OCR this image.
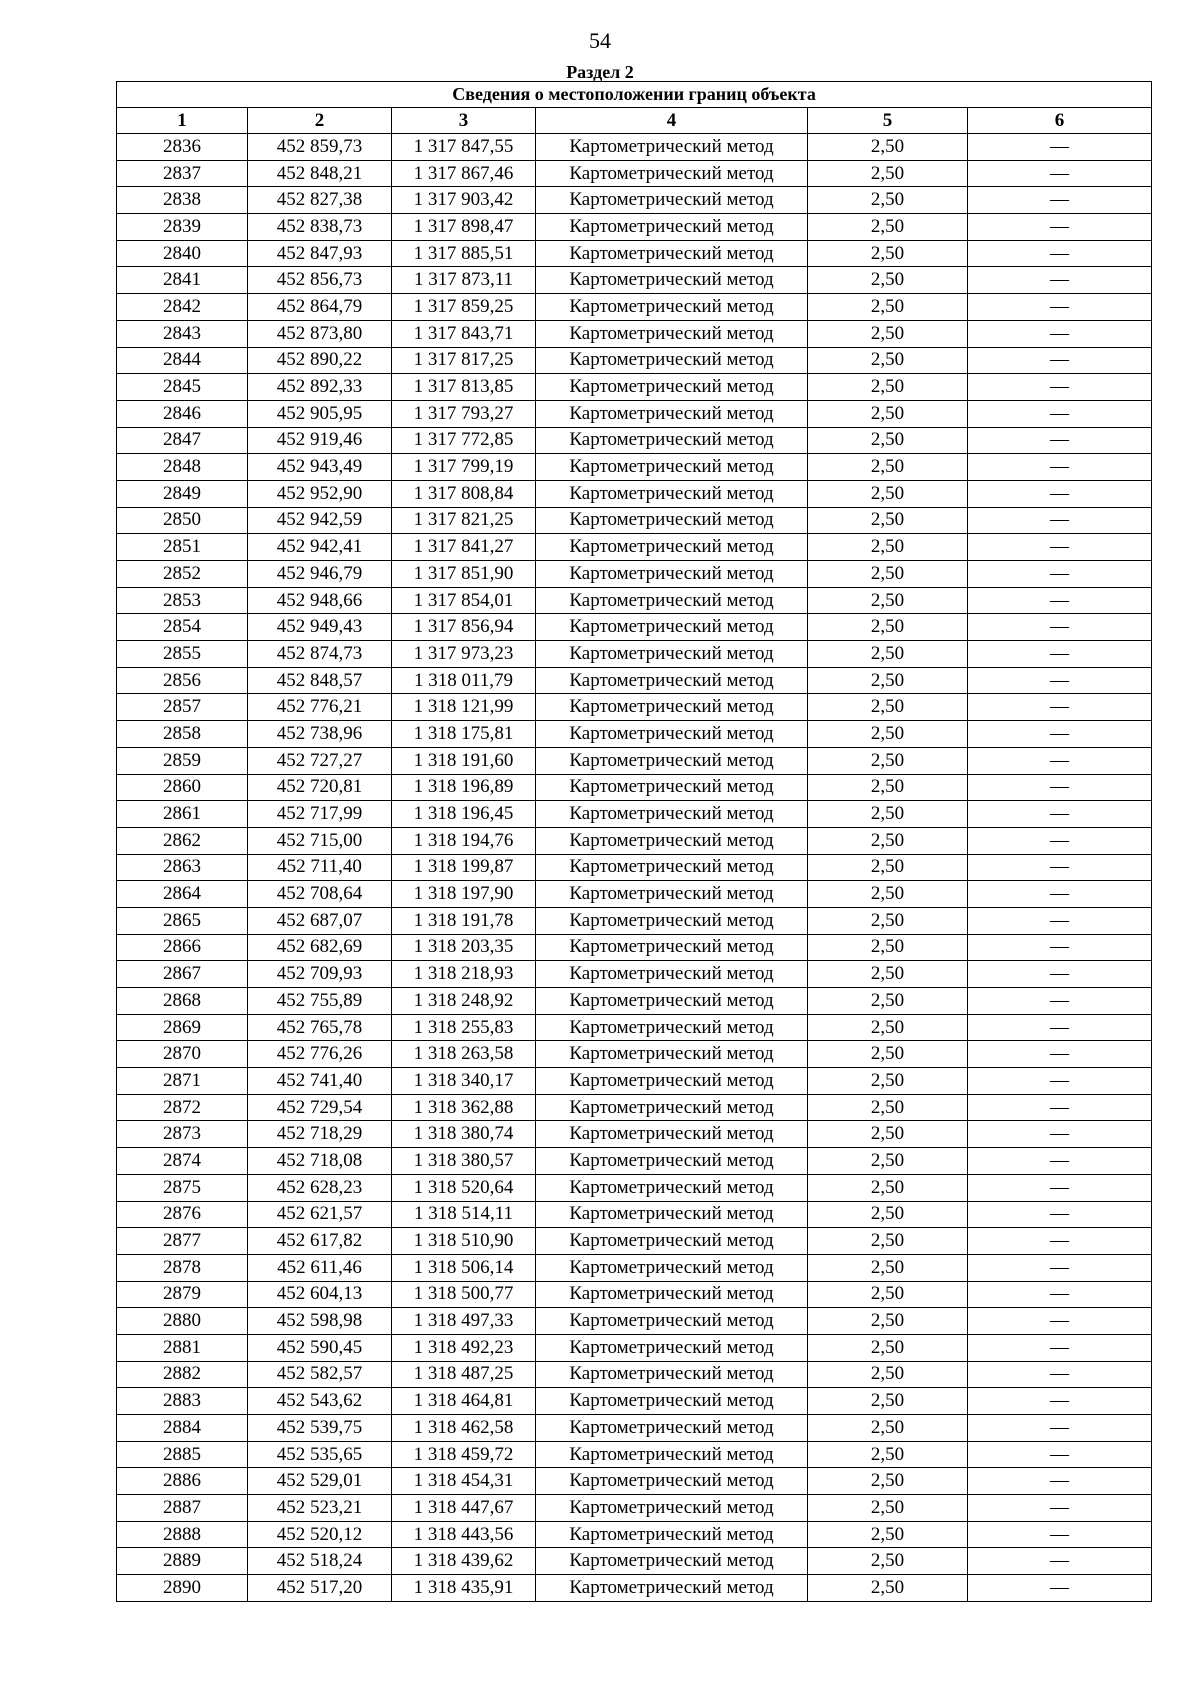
54
Раздел 2
Сведения о местоположении границ объекта					
1	2	3	4	5	6
2836	452 859,73	1 317 847,55	Картометрический метод	2,50	—
2837	452 848,21	1 317 867,46	Картометрический метод	2,50	—
2838	452 827,38	1 317 903,42	Картометрический метод	2,50	—
2839	452 838,73	1 317 898,47	Картометрический метод	2,50	—
2840	452 847,93	1 317 885,51	Картометрический метод	2,50	—
2841	452 856,73	1 317 873,11	Картометрический метод	2,50	—
2842	452 864,79	1 317 859,25	Картометрический метод	2,50	—
2843	452 873,80	1 317 843,71	Картометрический метод	2,50	—
2844	452 890,22	1 317 817,25	Картометрический метод	2,50	—
2845	452 892,33	1 317 813,85	Картометрический метод	2,50	—
2846	452 905,95	1 317 793,27	Картометрический метод	2,50	—
2847	452 919,46	1 317 772,85	Картометрический метод	2,50	—
2848	452 943,49	1 317 799,19	Картометрический метод	2,50	—
2849	452 952,90	1 317 808,84	Картометрический метод	2,50	—
2850	452 942,59	1 317 821,25	Картометрический метод	2,50	—
2851	452 942,41	1 317 841,27	Картометрический метод	2,50	—
2852	452 946,79	1 317 851,90	Картометрический метод	2,50	—
2853	452 948,66	1 317 854,01	Картометрический метод	2,50	—
2854	452 949,43	1 317 856,94	Картометрический метод	2,50	—
2855	452 874,73	1 317 973,23	Картометрический метод	2,50	—
2856	452 848,57	1 318 011,79	Картометрический метод	2,50	—
2857	452 776,21	1 318 121,99	Картометрический метод	2,50	—
2858	452 738,96	1 318 175,81	Картометрический метод	2,50	—
2859	452 727,27	1 318 191,60	Картометрический метод	2,50	—
2860	452 720,81	1 318 196,89	Картометрический метод	2,50	—
2861	452 717,99	1 318 196,45	Картометрический метод	2,50	—
2862	452 715,00	1 318 194,76	Картометрический метод	2,50	—
2863	452 711,40	1 318 199,87	Картометрический метод	2,50	—
2864	452 708,64	1 318 197,90	Картометрический метод	2,50	—
2865	452 687,07	1 318 191,78	Картометрический метод	2,50	—
2866	452 682,69	1 318 203,35	Картометрический метод	2,50	—
2867	452 709,93	1 318 218,93	Картометрический метод	2,50	—
2868	452 755,89	1 318 248,92	Картометрический метод	2,50	—
2869	452 765,78	1 318 255,83	Картометрический метод	2,50	—
2870	452 776,26	1 318 263,58	Картометрический метод	2,50	—
2871	452 741,40	1 318 340,17	Картометрический метод	2,50	—
2872	452 729,54	1 318 362,88	Картометрический метод	2,50	—
2873	452 718,29	1 318 380,74	Картометрический метод	2,50	—
2874	452 718,08	1 318 380,57	Картометрический метод	2,50	—
2875	452 628,23	1 318 520,64	Картометрический метод	2,50	—
2876	452 621,57	1 318 514,11	Картометрический метод	2,50	—
2877	452 617,82	1 318 510,90	Картометрический метод	2,50	—
2878	452 611,46	1 318 506,14	Картометрический метод	2,50	—
2879	452 604,13	1 318 500,77	Картометрический метод	2,50	—
2880	452 598,98	1 318 497,33	Картометрический метод	2,50	—
2881	452 590,45	1 318 492,23	Картометрический метод	2,50	—
2882	452 582,57	1 318 487,25	Картометрический метод	2,50	—
2883	452 543,62	1 318 464,81	Картометрический метод	2,50	—
2884	452 539,75	1 318 462,58	Картометрический метод	2,50	—
2885	452 535,65	1 318 459,72	Картометрический метод	2,50	—
2886	452 529,01	1 318 454,31	Картометрический метод	2,50	—
2887	452 523,21	1 318 447,67	Картометрический метод	2,50	—
2888	452 520,12	1 318 443,56	Картометрический метод	2,50	—
2889	452 518,24	1 318 439,62	Картометрический метод	2,50	—
2890	452 517,20	1 318 435,91	Картометрический метод	2,50	—
